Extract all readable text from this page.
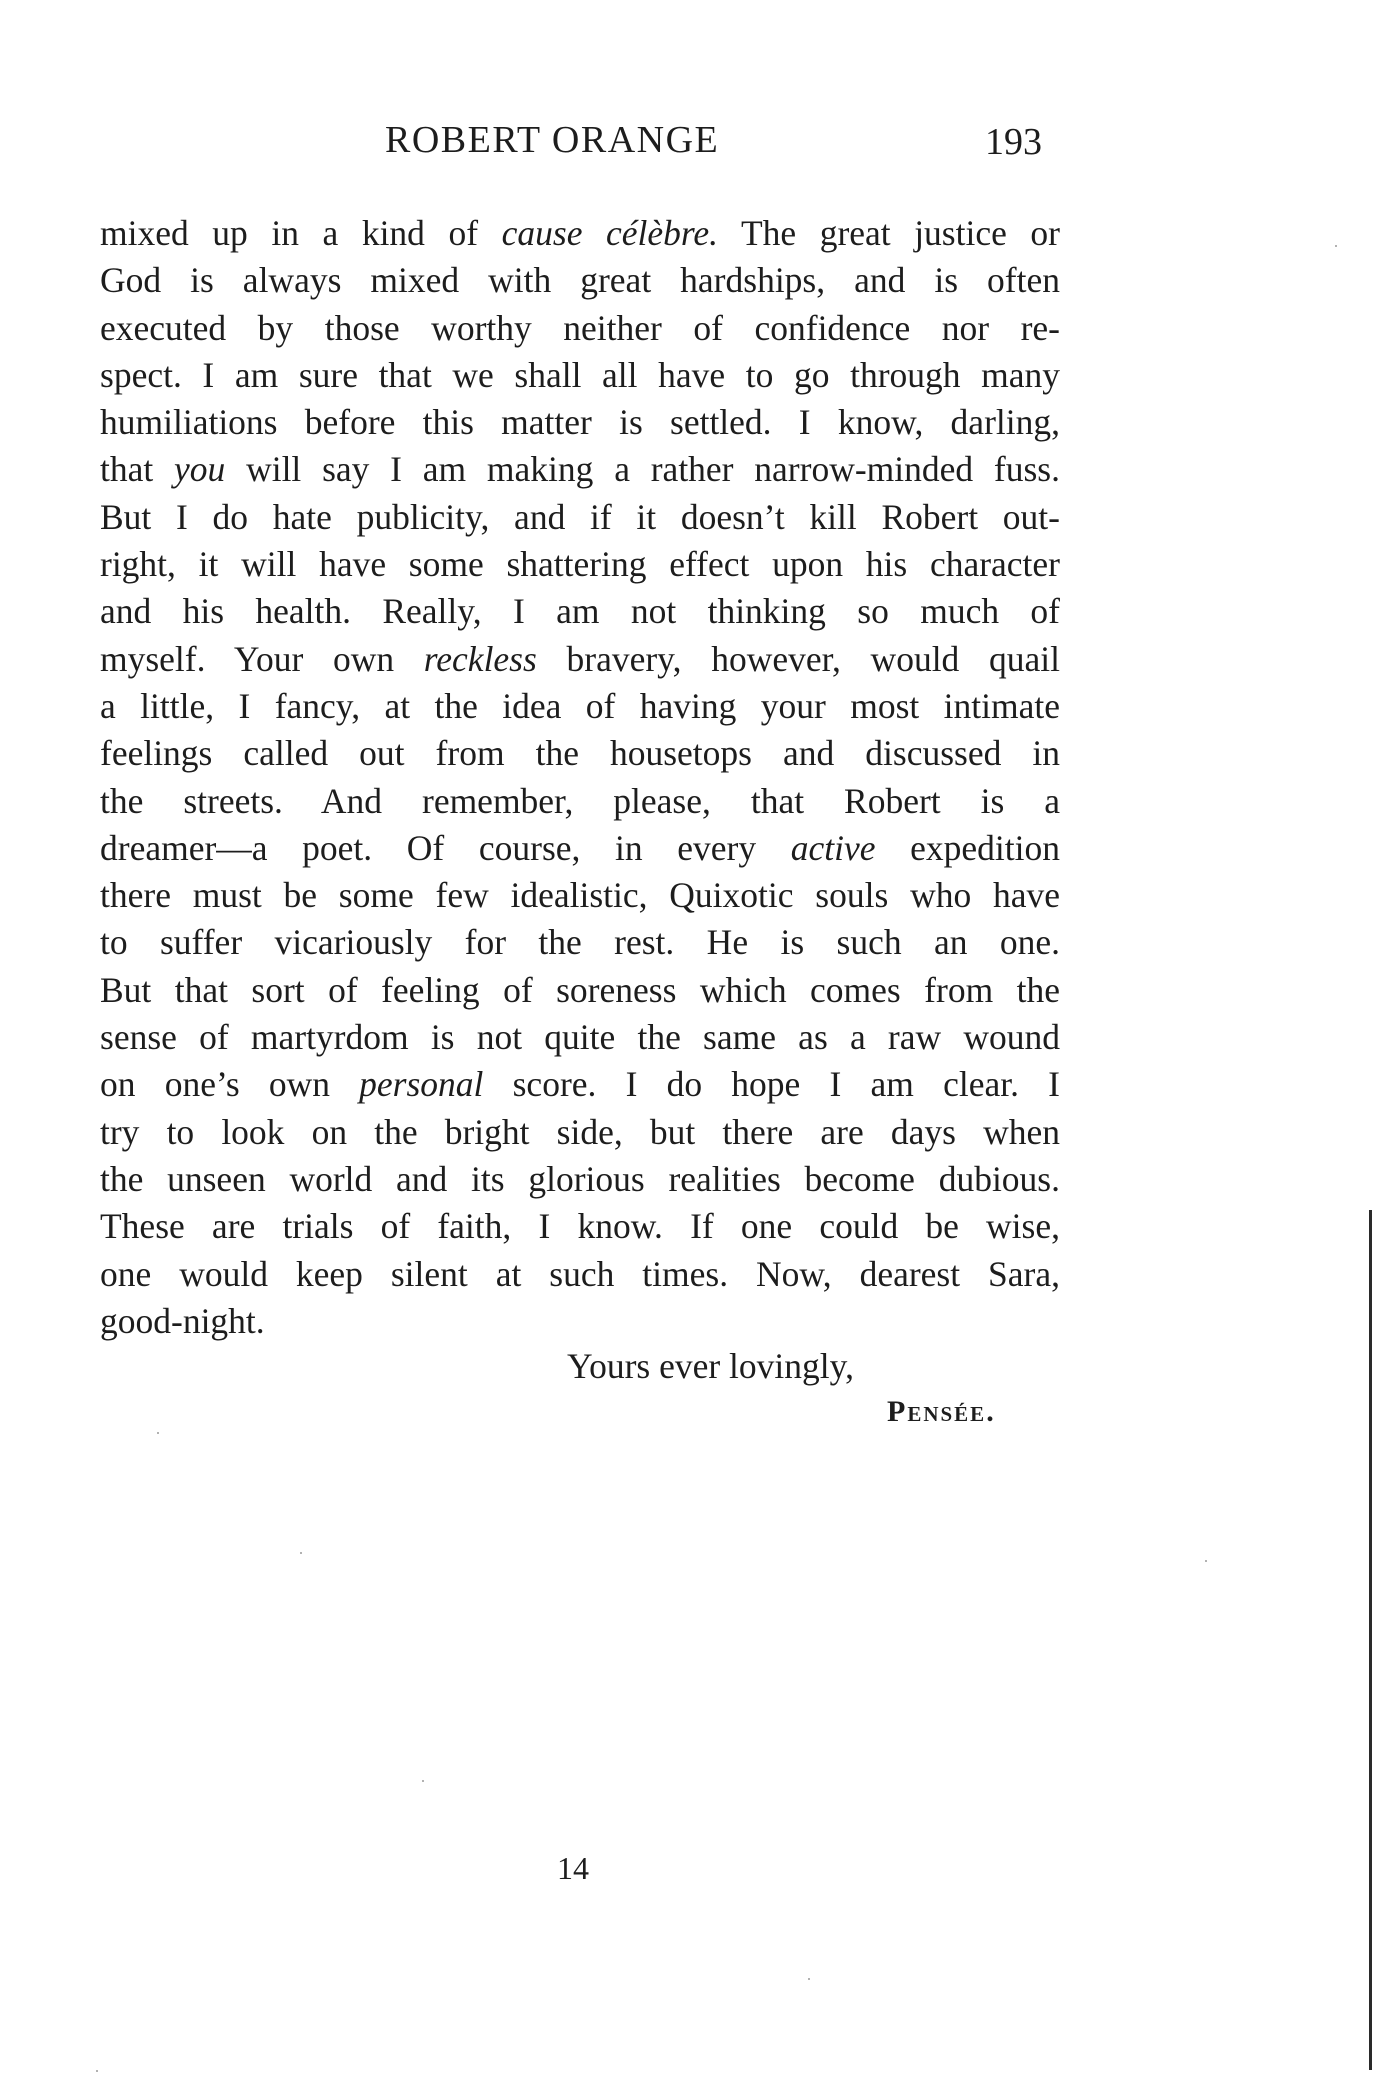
ROBERT ORANGE	193
mixed up in a kind of cause célèbre. The great justice or
God is always mixed with great hardships, and is often
executed by those worthy neither of confidence nor re-
spect. I am sure that we shall all have to go through many
humiliations before this matter is settled. I know, darling,
that you will say I am making a rather narrow-minded fuss.
But I do hate publicity, and if it doesn’t kill Robert out-
right, it will have some shattering effect upon his character
and his health. Really, I am not thinking so much of
myself. Your own reckless bravery, however, would quail
a little, I fancy, at the idea of having your most intimate
feelings called out from the housetops and discussed in
the streets. And remember, please, that Robert is a
dreamer—a poet. Of course, in every active expedition
there must be some few idealistic, Quixotic souls who have
to suffer vicariously for the rest. He is such an one.
But that sort of feeling of soreness which comes from the
sense of martyrdom is not quite the same as a raw wound
on one’s own personal score. I do hope I am clear. I
try to look on the bright side, but there are days when
the unseen world and its glorious realities become dubious.
These are trials of faith, I know. If one could be wise,
one would keep silent at such times. Now, dearest Sara,
good-night.
Yours ever lovingly,
Pensée.
14
